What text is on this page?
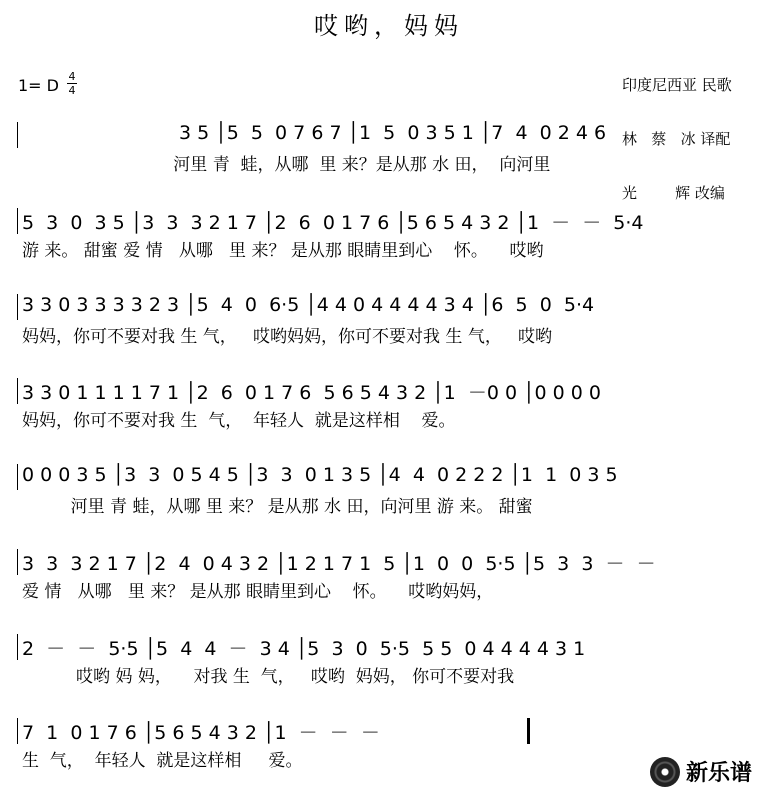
哎哟，妈妈

印度尼西亚 民歌

林   蔡   冰 译配

光        辉 改编

1= D 4
4
3 5 │5  5  0 7 6 7 │1  5  0 3 5 1 │7  4  0 2 4 6
河里 青  蛙，从哪  里 来？是从那 水 田，  向河里
5  3  0  3 5 │3  3  3 2 1 7 │2  6  0 1 7 6 │5 6 5 4 3 2 │1  －  －  5·4
游 来。 甜蜜 爱 情   从哪   里 来？ 是从那 眼睛里到心    怀。    哎哟
3 3 0 3 3 3 3 2 3 │5  4  0  6·5 │4 4 0 4 4 4 4 3 4 │6  5  0  5·4
妈妈，你可不要对我 生 气，   哎哟妈妈，你可不要对我 生 气，   哎哟
3 3 0 1 1 1 1 7 1 │2  6  0 1 7 6  5 6 5 4 3 2 │1  －0 0 │0 0 0 0
妈妈，你可不要对我 生  气，  年轻人  就是这样相    爱。
0 0 0 3 5 │3  3  0 5 4 5 │3  3  0 1 3 5 │4  4  0 2 2 2 │1  1  0 3 5
河里 青 蛙，从哪 里 来？ 是从那 水 田，向河里 游 来。 甜蜜
3  3  3 2 1 7 │2  4  0 4 3 2 │1 2 1 7 1  5 │1  0  0  5·5 │5  3  3  －  －
爱 情   从哪   里 来？ 是从那 眼睛里到心    怀。    哎哟妈妈，
2  －  －  5·5 │5  4  4  －  3 4 │5  3  0  5·5  5 5  0 4 4 4 4 3 1
哎哟 妈 妈，    对我 生  气，   哎哟  妈妈， 你可不要对我
7  1  0 1 7 6 │5 6 5 4 3 2 │1  －  －  －
生  气，  年轻人  就是这样相     爱。	新乐谱
